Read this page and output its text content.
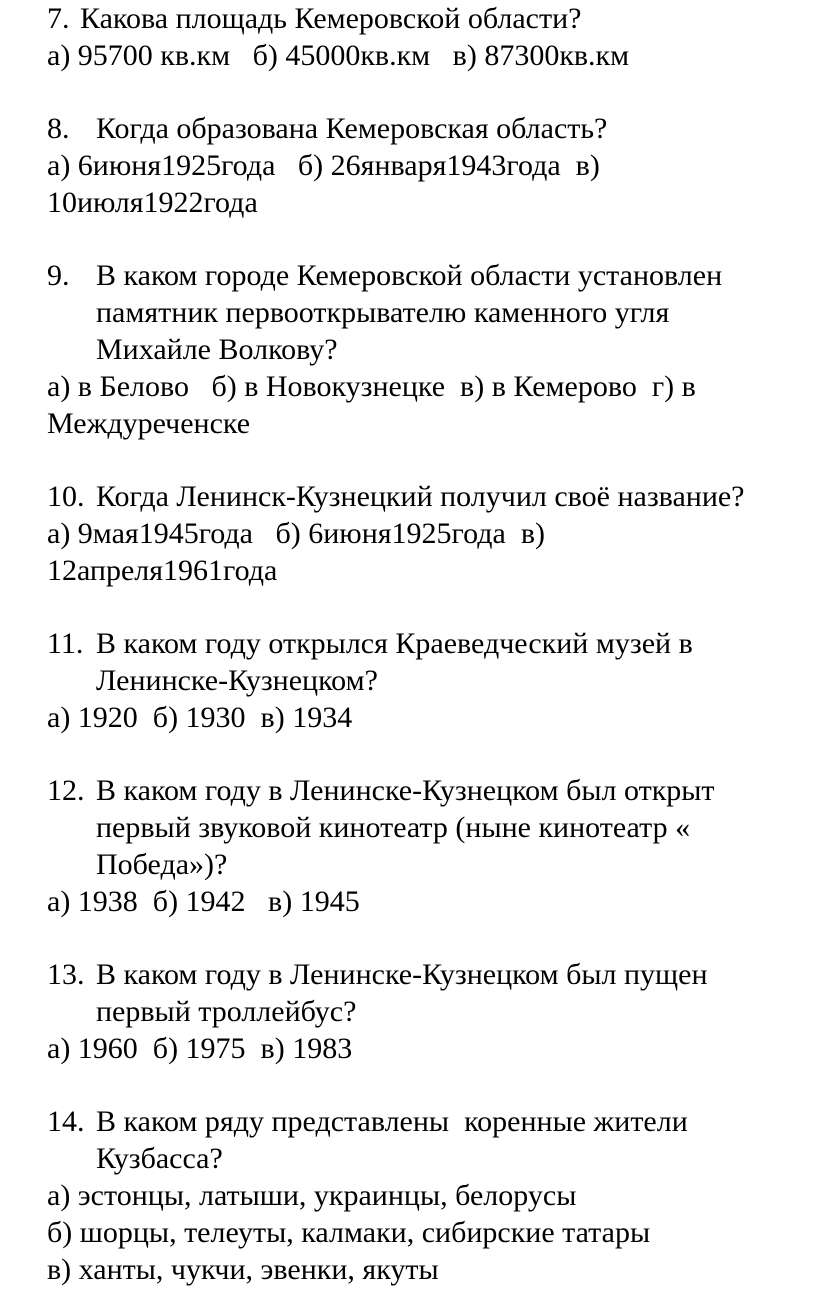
7. Какова площадь Кемеровской области?
а) 95700 кв.км   б) 45000кв.км   в) 87300кв.км
8. Когда образована Кемеровская область?
а) 6июня1925года   б) 26января1943года  в)
10июля1922года
9. В каком городе Кемеровской области установлен
памятник первооткрывателю каменного угля
Михайле Волкову?
а) в Белово   б) в Новокузнецке  в) в Кемерово  г) в
Междуреченске
10. Когда Ленинск-Кузнецкий получил своё название?
а) 9мая1945года   б) 6июня1925года  в)
12апреля1961года
11. В каком году открылся Краеведческий музей в
Ленинске-Кузнецком?
а) 1920  б) 1930  в) 1934
12. В каком году в Ленинске-Кузнецком был открыт
первый звуковой кинотеатр (ныне кинотеатр «
Победа»)?
а) 1938  б) 1942   в) 1945
13. В каком году в Ленинске-Кузнецком был пущен
первый троллейбус?
а) 1960  б) 1975  в) 1983
14. В каком ряду представлены  коренные жители
Кузбасса?
а) эстонцы, латыши, украинцы, белорусы
б) шорцы, телеуты, калмаки, сибирские татары
в) ханты, чукчи, эвенки, якуты
